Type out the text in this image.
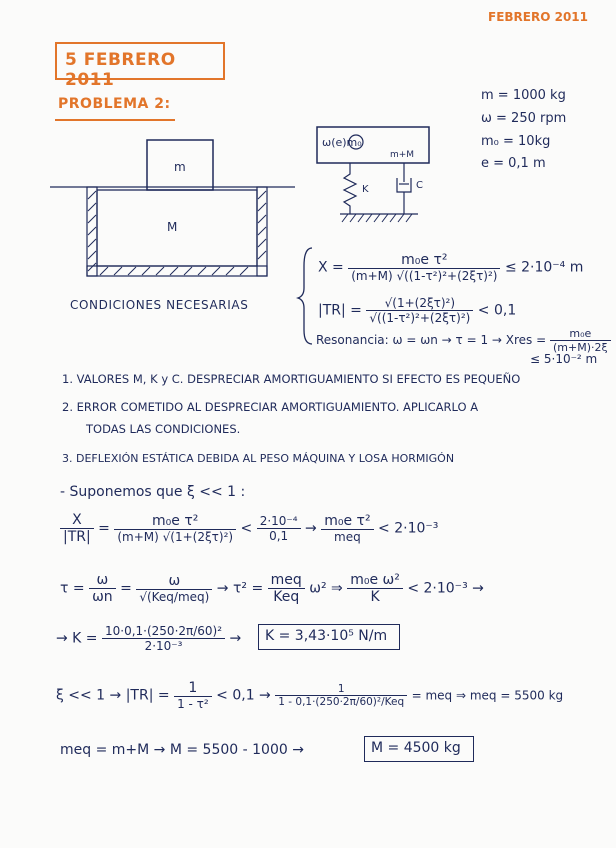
FEBRERO 2011
5 FEBRERO 2011
PROBLEMA 2:
m = 1000 kg
ω = 250 rpm
m₀ = 10kg
e = 0,1 m
m
M
ω(e)m₀
m+M
K	C
CONDICIONES NECESARIAS
$X = \frac{\text{m₀e τ²}}{\text{(m+M) √((1-τ²)²+(2ξτ)²)}} \le 2\cdot 10^{-4}$ m
$|TR| = \frac{\text{√(1+(2ξτ)²)}}{\text{√((1-τ²)²+(2ξτ)²)}} < 0,1$
Resonancia: ω = ωn → τ = 1 → Xres = $\frac{\text{m₀e}}{(m+M)\cdot 2\xi}$
≤ 5·10⁻² m
1. VALORES M, K y C. DESPRECIAR AMORTIGUAMIENTO SI EFECTO ES PEQUEÑO
2. ERROR COMETIDO AL DESPRECIAR AMORTIGUAMIENTO. APLICARLO A
TODAS LAS CONDICIONES.
3. DEFLEXIÓN ESTÁTICA DEBIDA AL PESO MÁQUINA Y LOSA HORMIGÓN
- Suponemos que ξ << 1 :
$\frac{X}{|TR|} = \frac{\text{m₀e τ²}}{\text{(m+M) √(1+(2ξτ)²)}} < \frac{\text{2·10⁻⁴}}{0,1} \to \frac{\text{m₀e τ²}}{\text{meq}} < 2\cdot 10^{-3}$
$\tau = \frac{\omega}{\omega n} = \frac{\omega}{\text{√(Keq/meq)}} \to \tau^2 = \frac{\text{meq}}{\text{Keq}} \omega^2$ ⇒ $\frac{\text{m₀e ω²}}{K} < 2\cdot 10^{-3}$ →
→ $K = \frac{\text{10·0,1·(250·2π/60)²}}{\text{2·10⁻³}} \to K = 3,43\cdot 10^5$ N/m
$\xi << 1 \to |TR| = \frac{1}{\text{1 - τ²}} < 0,1 \to \frac{1}{\text{1 - 0,1·(250·2π/60)²/Keq}}$ = meq ⇒ meq = 5500 kg
meq = m+M → M = 5500 - 1000 →	M = 4500 kg
